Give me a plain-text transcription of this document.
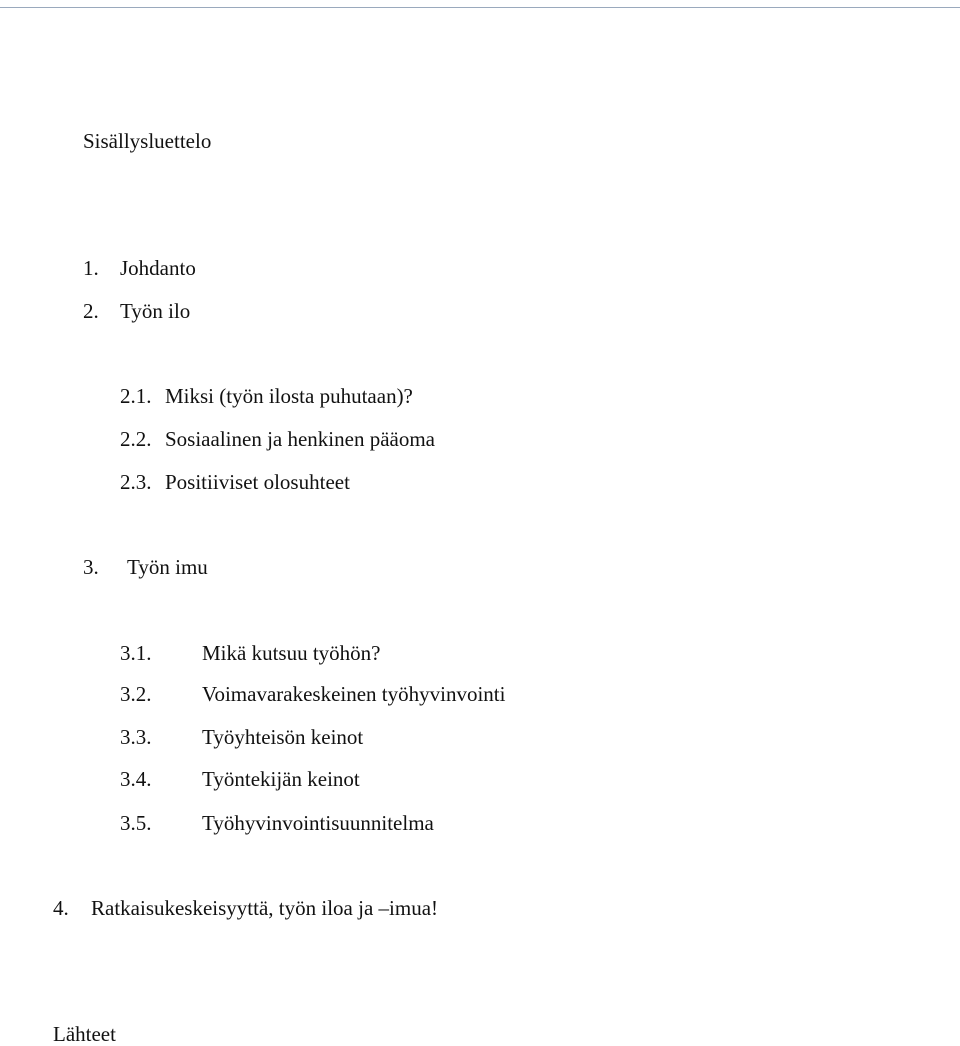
Sisällysluettelo
1. Johdanto
2. Työn ilo
2.1. Miksi (työn ilosta puhutaan)?
2.2. Sosiaalinen ja henkinen pääoma
2.3. Positiiviset olosuhteet
3. Työn imu
3.1. Mikä kutsuu työhön?
3.2. Voimavarakeskeinen työhyvinvointi
3.3. Työyhteisön keinot
3.4. Työntekijän keinot
3.5. Työhyvinvointisuunnitelma
4. Ratkaisukeskeisyyttä, työn iloa ja –imua!
Lähteet
